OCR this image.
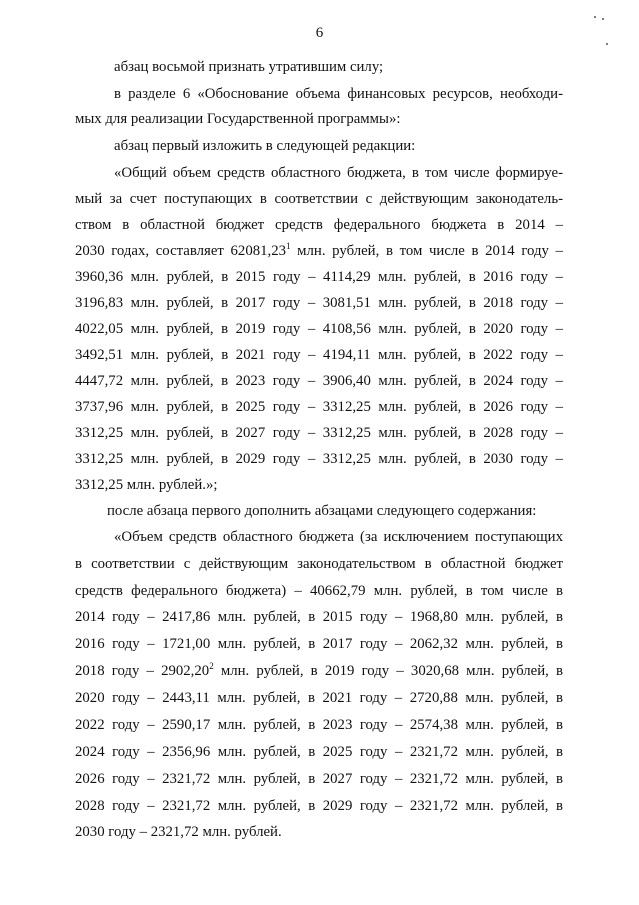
6
абзац восьмой признать утратившим силу;
в разделе 6 «Обоснование объема финансовых ресурсов, необходи-
мых для реализации Государственной программы»:
абзац первый изложить в следующей редакции:
«Общий объем средств областного бюджета, в том числе формируе-
мый за счет поступающих в соответствии с действующим законодатель-
ством в областной бюджет средств федерального бюджета в 2014 –
2030 годах, составляет 62081,23$^1$ млн. рублей, в том числе в 2014 году –
3960,36 млн. рублей, в 2015 году – 4114,29 млн. рублей, в 2016 году –
3196,83 млн. рублей, в 2017 году – 3081,51 млн. рублей, в 2018 году –
4022,05 млн. рублей, в 2019 году – 4108,56 млн. рублей, в 2020 году –
3492,51 млн. рублей, в 2021 году – 4194,11 млн. рублей, в 2022 году –
4447,72 млн. рублей, в 2023 году – 3906,40 млн. рублей, в 2024 году –
3737,96 млн. рублей, в 2025 году – 3312,25 млн. рублей, в 2026 году –
3312,25 млн. рублей, в 2027 году – 3312,25 млн. рублей, в 2028 году –
3312,25 млн. рублей, в 2029 году – 3312,25 млн. рублей, в 2030 году –
3312,25 млн. рублей.»;
после абзаца первого дополнить абзацами следующего содержания:
«Объем средств областного бюджета (за исключением поступающих
в соответствии с действующим законодательством в областной бюджет
средств федерального бюджета) – 40662,79 млн. рублей, в том числе в
2014 году – 2417,86 млн. рублей, в 2015 году – 1968,80 млн. рублей, в
2016 году – 1721,00 млн. рублей, в 2017 году – 2062,32 млн. рублей, в
2018 году – 2902,20$^2$ млн. рублей, в 2019 году – 3020,68 млн. рублей, в
2020 году – 2443,11 млн. рублей, в 2021 году – 2720,88 млн. рублей, в
2022 году – 2590,17 млн. рублей, в 2023 году – 2574,38 млн. рублей, в
2024 году – 2356,96 млн. рублей, в 2025 году – 2321,72 млн. рублей, в
2026 году – 2321,72 млн. рублей, в 2027 году – 2321,72 млн. рублей, в
2028 году – 2321,72 млн. рублей, в 2029 году – 2321,72 млн. рублей, в
2030 году – 2321,72 млн. рублей.
